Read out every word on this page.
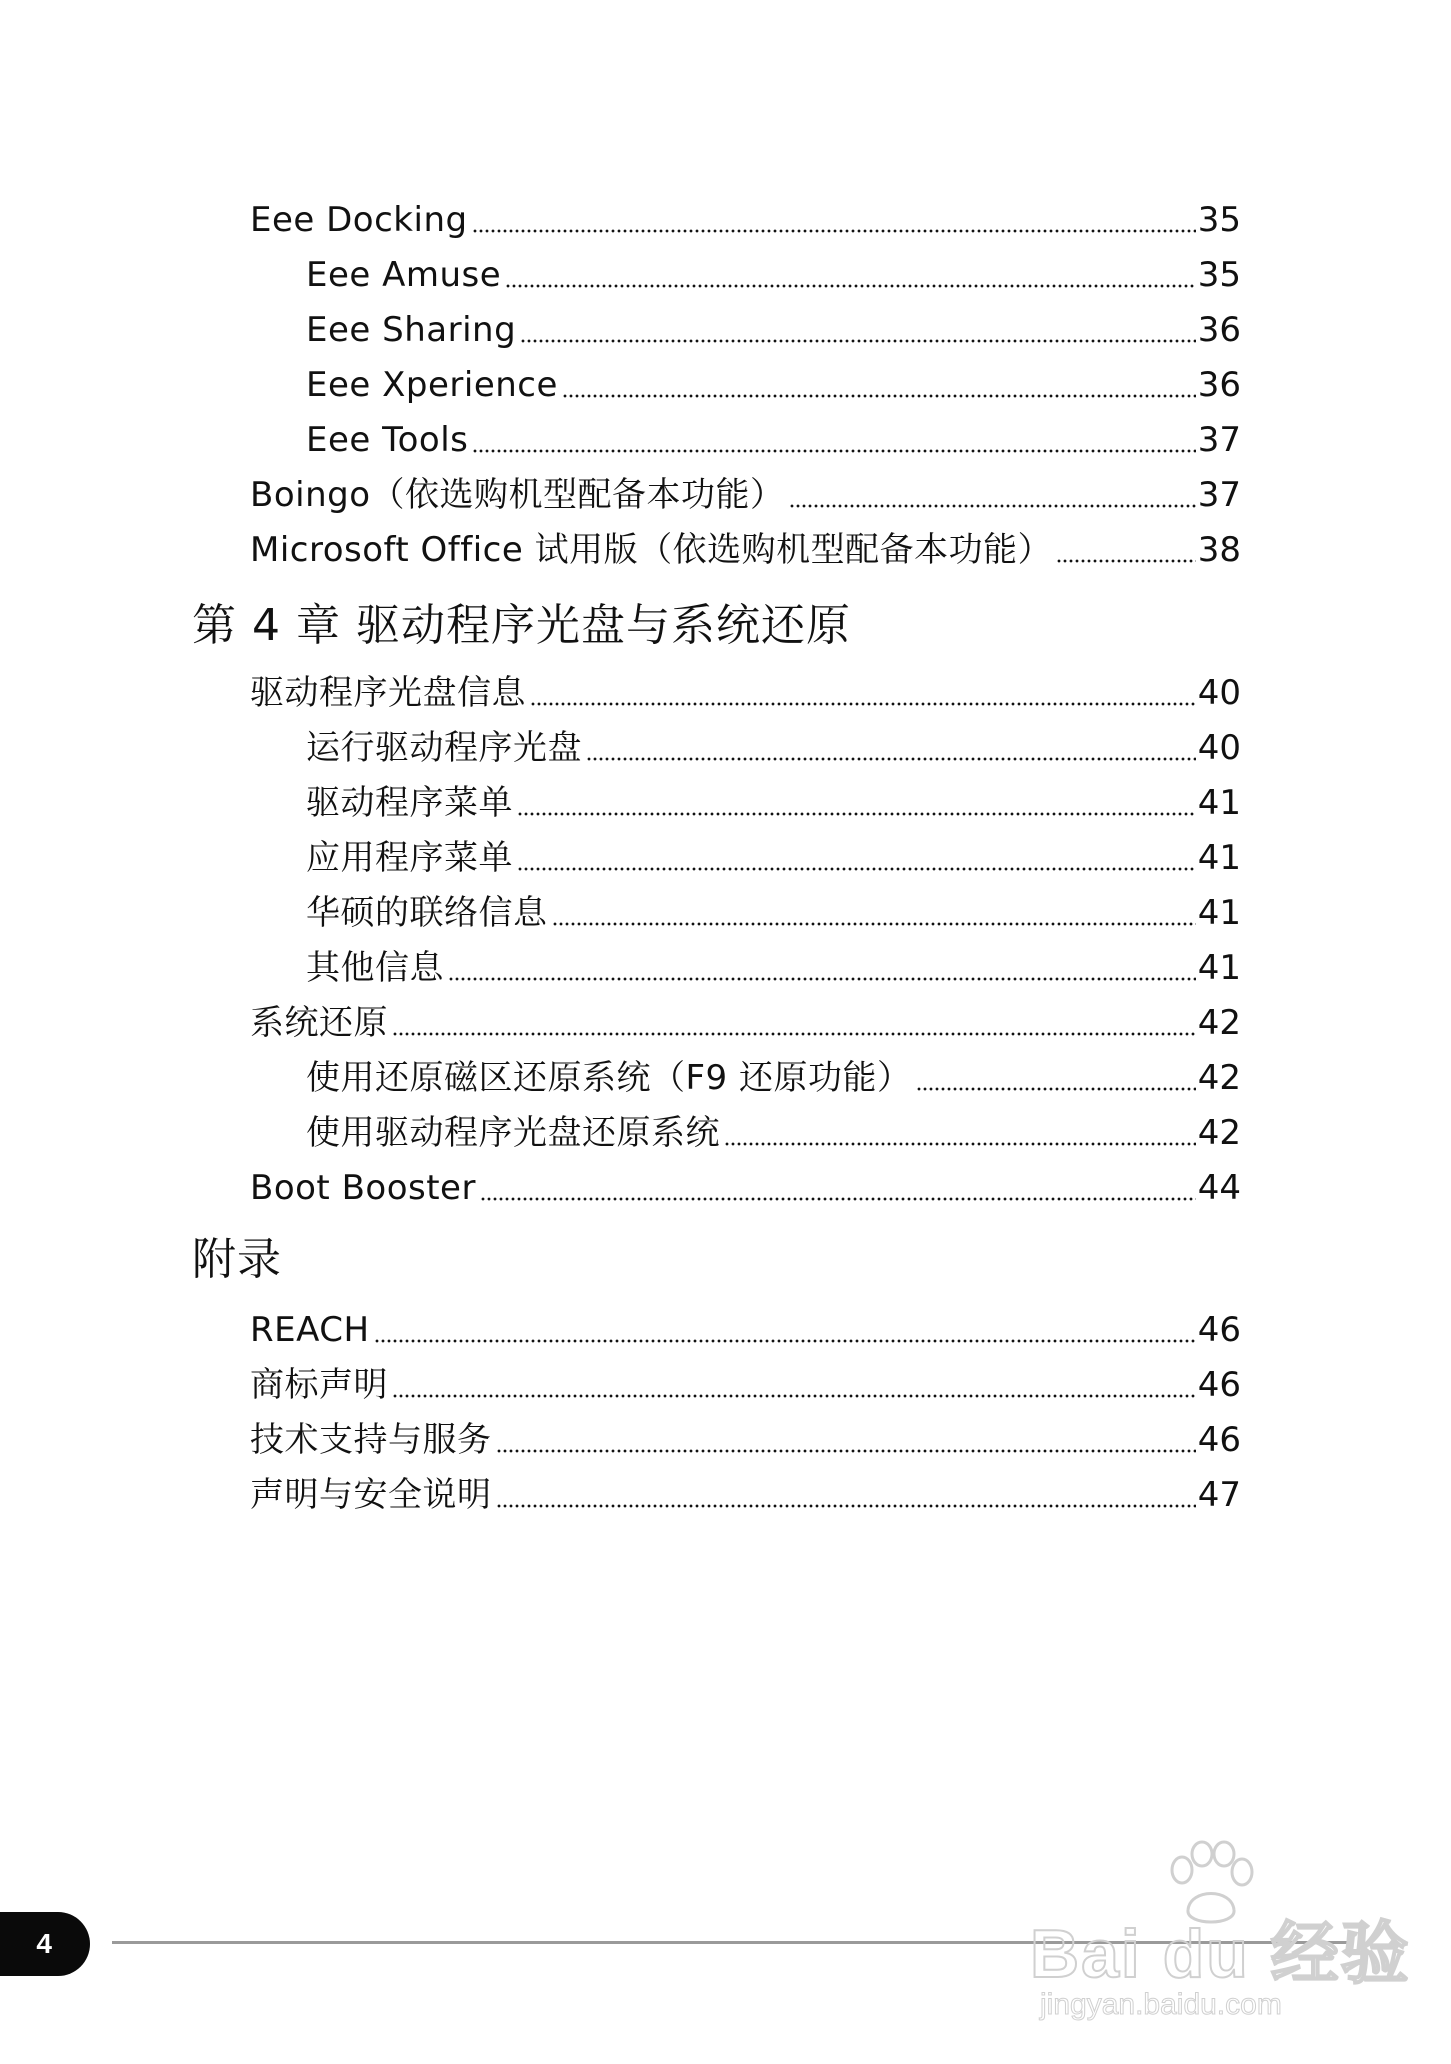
Eee Docking	35
Eee Amuse	35
Eee Sharing	36
Eee Xperience	36
Eee Tools	37
Boingo（依选购机型配备本功能）	37
Microsoft Office 试用版（依选购机型配备本功能）	38
第 4 章 驱动程序光盘与系统还原
驱动程序光盘信息	40
运行驱动程序光盘	40
驱动程序菜单	41
应用程序菜单	41
华硕的联络信息	41
其他信息	41
系统还原	42
使用还原磁区还原系统（F9 还原功能）	42
使用驱动程序光盘还原系统	42
Boot Booster	44
附录
REACH	46
商标声明	46
技术支持与服务	46
声明与安全说明	47
4	Bai du 经验
jingyan.baidu.com
